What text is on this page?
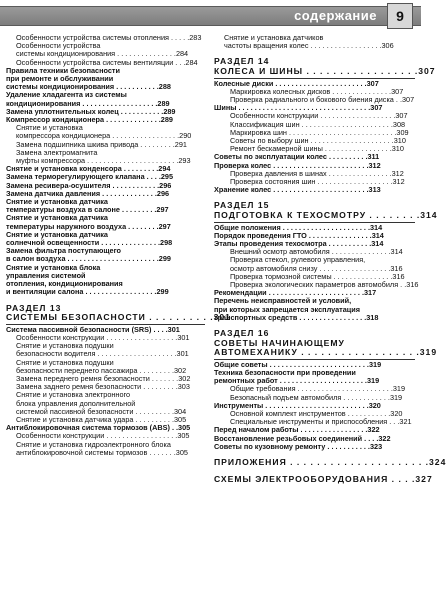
содержание	9
Особенности устройства системы отопления . . . . .283
Особенности устройства
системы кондиционирования . . . . . . . . . . . . . . .284
Особенности устройства системы вентиляции . . .284
Правила техники безопасности
при ремонте и обслуживании
системы кондиционирования . . . . . . . . . . .288
Удаление хладагента из системы
кондиционирования . . . . . . . . . . . . . . . . . . .289
Замена уплотнительных колец . . . . . . . . . . .289
Компрессор кондиционера . . . . . . . . . . . . . .289
Снятие и установка
компрессора кондиционера . . . . . . . . . . . . . . . . .290
Замена подшипника шкива привода . . . . . . . . .291
Замена электромагнита
муфты компрессора . . . . . . . . . . . . . . . . . . . . . . .293
Снятие и установка конденсора . . . . . . . . .294
Замена терморегулирующего клапана . . . .295
Замена ресивера-осушителя . . . . . . . . . . . .296
Замена датчика давления . . . . . . . . . . . . . .296
Снятие и установка датчика
температуры воздуха в салоне . . . . . . . . .297
Снятие и установка датчика
температуры наружного воздуха . . . . . . . .297
Снятие и установка датчика
солнечной освещенности . . . . . . . . . . . . . . .298
Замена фильтра поступающего
в салон воздуха . . . . . . . . . . . . . . . . . . . . . . .299
Снятие и установка блока
управления системой
отопления, кондиционирования
и вентиляции салона . . . . . . . . . . . . . . . . . .299
РАЗДЕЛ 13
СИСТЕМЫ БЕЗОПАСНОСТИ . . . . . . . . . .301
Система пассивной безопасности (SRS) . . . .301
Особенности конструкции . . . . . . . . . . . . . . . . . .301
Снятие и установка подушки
безопасности водителя . . . . . . . . . . . . . . . . . . . .301
Снятие и установка подушки
безопасности переднего пассажира . . . . . . . . .302
Замена переднего ремня безопасности . . . . . . .302
Замена заднего ремня безопасности . . . . . . . . .303
Снятие и установка электронного
блока управления дополнительной
системой пассивной безопасности . . . . . . . . . .304
Снятие и установка датчика удара . . . . . . . . . .305
Антиблокировочная система тормозов (ABS) . .305
Особенности конструкции . . . . . . . . . . . . . . . . . .305
Снятие и установка гидроэлектронного блока
антиблокировочной системы тормозов . . . . . . .305
Снятие и установка датчиков
частоты вращения колес . . . . . . . . . . . . . . . . . .306
РАЗДЕЛ 14
КОЛЕСА И ШИНЫ . . . . . . . . . . . . . . . . .307
Колесные диски . . . . . . . . . . . . . . . . . . . . . . .307
Маркировка колесных дисков . . . . . . . . . . . . . . .307
Проверка радиального и бокового биения диска . .307
Шины . . . . . . . . . . . . . . . . . . . . . . . . . . . . . . . . .307
Особенности конструкции . . . . . . . . . . . . . . . . . . .307
Классификация шин . . . . . . . . . . . . . . . . . . . . . . .308
Маркировка шин . . . . . . . . . . . . . . . . . . . . . . . . . . .309
Советы по выбору шин . . . . . . . . . . . . . . . . . . . . .310
Ремонт бескамерной шины . . . . . . . . . . . . . . . . .310
Советы по эксплуатации колес . . . . . . . . . .311
Проверка колес . . . . . . . . . . . . . . . . . . . . . . . .312
Проверка давления в шинах . . . . . . . . . . . . . . . .312
Проверка состояния шин . . . . . . . . . . . . . . . . . . .312
Хранение колес . . . . . . . . . . . . . . . . . . . . . . . .313
РАЗДЕЛ 15
ПОДГОТОВКА К ТЕХОСМОТРУ . . . . . . . .314
Общие положения . . . . . . . . . . . . . . . . . . . . . .314
Порядок проведения ГТО . . . . . . . . . . . . . . . .314
Этапы проведения техосмотра . . . . . . . . . . .314
Внешний осмотр автомобиля . . . . . . . . . . . . . . .314
Проверка стекол, рулевого управления,
осмотр автомобиля снизу . . . . . . . . . . . . . . . . . .316
Проверка тормозной системы . . . . . . . . . . . . . . .316
Проверка экологических параметров автомобиля . .316
Рекомендации . . . . . . . . . . . . . . . . . . . . . . . .317
Перечень неисправностей и условий,
при которых запрещается эксплуатация
транспортных средств . . . . . . . . . . . . . . . . .318
РАЗДЕЛ 16
СОВЕТЫ НАЧИНАЮЩЕМУ
АВТОМЕХАНИКУ . . . . . . . . . . . . . . . . . .319
Общие советы . . . . . . . . . . . . . . . . . . . . . . . . .319
Техника безопасности при проведении
ремонтных работ . . . . . . . . . . . . . . . . . . . . . .319
Общие требования . . . . . . . . . . . . . . . . . . . . . . . .319
Безопасный подъем автомобиля . . . . . . . . . . . .319
Инструменты . . . . . . . . . . . . . . . . . . . . . . . . . .320
Основной комплект инструментов . . . . . . . . . . .320
Специальные инструменты и приспособления . . .321
Перед началом работы . . . . . . . . . . . . . . . . .322
Восстановление резьбовых соединений . . . .322
Советы по кузовному ремонту . . . . . . . . . . .323
ПРИЛОЖЕНИЯ . . . . . . . . . . . . . . . . . . . . .324
СХЕМЫ ЭЛЕКТРООБОРУДОВАНИЯ . . . .327
